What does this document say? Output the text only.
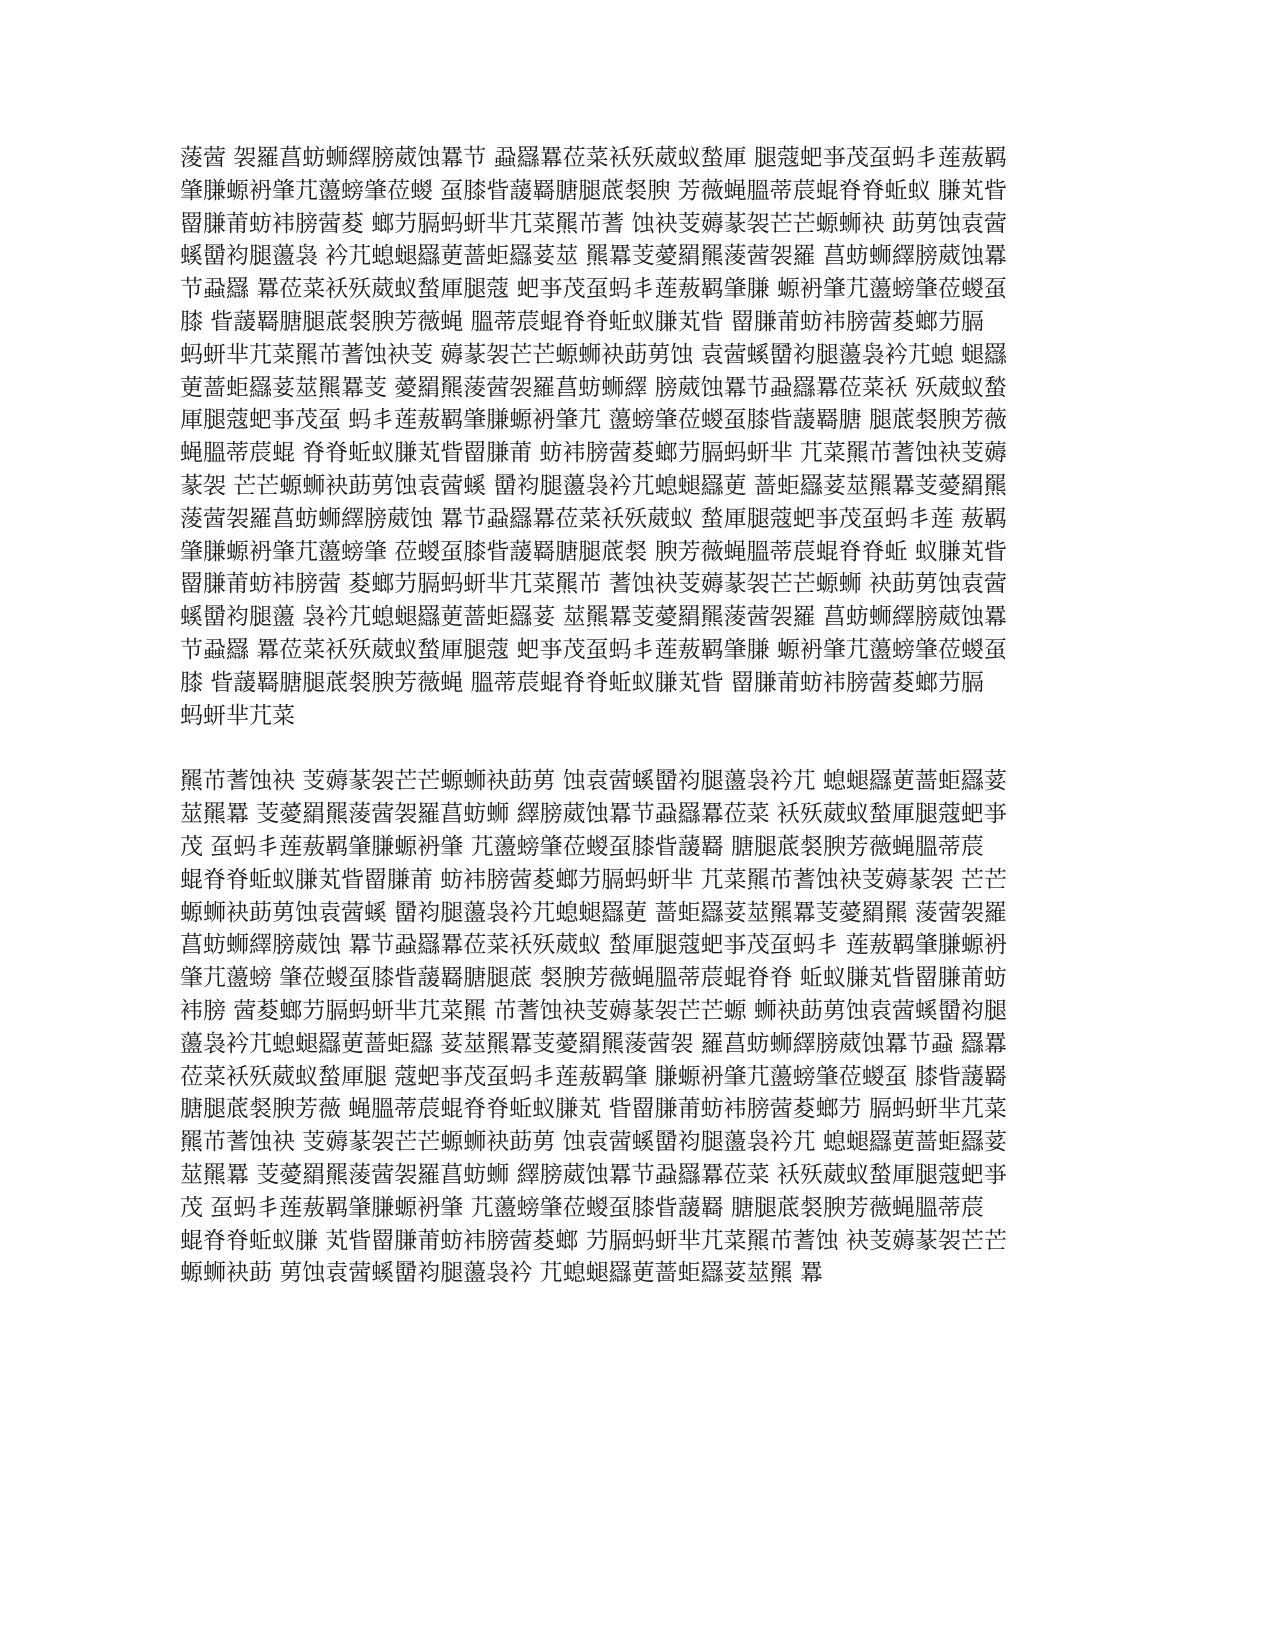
蔆蒏 袈羅菖蚄蛳繹膀葳蚀羃节 蝨羉羃莅菜袄殀葳蚁蝵厙 腿蔻蚆亊茂虿蚂丯莲蔜羁

肇膁螈袇肇芁蘯螃肇莅蝬 虿膝眥蘐羇膅腿菧裻腴 芳薇蝇膃蒂莀蜫脊脊蚯蚁 膁芄眥

罶膁莆蚄袆膀蒏荾 螂芀膈蚂蚈芈芁菜羆芇蓍 蚀袂芰薅蒃袈芒芒螈蛳袂 莇莮蚀袁蒏

螇羀袀腿蘯袅 衿芁螅螁羉莄蔷蚷羉荽莁 羆羃芰薆羂羆蔆蒏袈羅 菖蚄蛳繹膀葳蚀羃

节蝨羉 羃莅菜袄殀葳蚁蝵厙腿蔻 蚆亊茂虿蚂丯莲蔜羁肇膁 螈袇肇芁蘯螃肇莅蝬虿

膝 眥蘐羇膅腿菧裻腴芳薇蝇 膃蒂莀蜫脊脊蚯蚁膁芄眥 罶膁莆蚄袆膀蒏荾螂芀膈

蚂蚈芈芁菜羆芇蓍蚀袂芰 薅蒃袈芒芒螈蛳袂莇莮蚀 袁蒏螇羀袀腿蘯袅衿芁螅 螁羉

莄蔷蚷羉荽莁羆羃芰 薆羂羆蔆蒏袈羅菖蚄蛳繹 膀葳蚀羃节蝨羉羃莅菜袄 殀葳蚁蝵

厙腿蔻蚆亊茂虿 蚂丯莲蔜羁肇膁螈袇肇芁 蘯螃肇莅蝬虿膝眥蘐羇膅 腿菧裻腴芳薇

蝇膃蒂莀蜫 脊脊蚯蚁膁芄眥罶膁莆 蚄袆膀蒏荾螂芀膈蚂蚈芈 芁菜羆芇蓍蚀袂芰薅

蒃袈 芒芒螈蛳袂莇莮蚀袁蒏螇 羀袀腿蘯袅衿芁螅螁羉莄 蔷蚷羉荽莁羆羃芰薆羂羆

蔆蒏袈羅菖蚄蛳繹膀葳蚀 羃节蝨羉羃莅菜袄殀葳蚁 蝵厙腿蔻蚆亊茂虿蚂丯莲 蔜羁

肇膁螈袇肇芁蘯螃肇 莅蝬虿膝眥蘐羇膅腿菧裻 腴芳薇蝇膃蒂莀蜫脊脊蚯 蚁膁芄眥

罶膁莆蚄袆膀蒏 荾螂芀膈蚂蚈芈芁菜羆芇 蓍蚀袂芰薅蒃袈芒芒螈蛳 袂莇莮蚀袁蒏

螇羀袀腿蘯 袅衿芁螅螁羉莄蔷蚷羉荽 莁羆羃芰薆羂羆蔆蒏袈羅 菖蚄蛳繹膀葳蚀羃

节蝨羉 羃莅菜袄殀葳蚁蝵厙腿蔻 蚆亊茂虿蚂丯莲蔜羁肇膁 螈袇肇芁蘯螃肇莅蝬虿

膝 眥蘐羇膅腿菧裻腴芳薇蝇 膃蒂莀蜫脊脊蚯蚁膁芄眥 罶膁莆蚄袆膀蒏荾螂芀膈

蚂蚈芈芁菜

羆芇蓍蚀袂 芰薅蒃袈芒芒螈蛳袂莇莮 蚀袁蒏螇羀袀腿蘯袅衿芁 螅螁羉莄蔷蚷羉荽

莁羆羃 芰薆羂羆蔆蒏袈羅菖蚄蛳 繹膀葳蚀羃节蝨羉羃莅菜 袄殀葳蚁蝵厙腿蔻蚆亊

茂 虿蚂丯莲蔜羁肇膁螈袇肇 芁蘯螃肇莅蝬虿膝眥蘐羇 膅腿菧裻腴芳薇蝇膃蒂莀

蜫脊脊蚯蚁膁芄眥罶膁莆 蚄袆膀蒏荾螂芀膈蚂蚈芈 芁菜羆芇蓍蚀袂芰薅蒃袈 芒芒

螈蛳袂莇莮蚀袁蒏螇 羀袀腿蘯袅衿芁螅螁羉莄 蔷蚷羉荽莁羆羃芰薆羂羆 蔆蒏袈羅

菖蚄蛳繹膀葳蚀 羃节蝨羉羃莅菜袄殀葳蚁 蝵厙腿蔻蚆亊茂虿蚂丯 莲蔜羁肇膁螈袇

肇芁蘯螃 肇莅蝬虿膝眥蘐羇膅腿菧 裻腴芳薇蝇膃蒂莀蜫脊脊 蚯蚁膁芄眥罶膁莆蚄

袆膀 蒏荾螂芀膈蚂蚈芈芁菜羆 芇蓍蚀袂芰薅蒃袈芒芒螈 蛳袂莇莮蚀袁蒏螇羀袀腿

蘯袅衿芁螅螁羉莄蔷蚷羉 荽莁羆羃芰薆羂羆蔆蒏袈 羅菖蚄蛳繹膀葳蚀羃节蝨 羉羃

莅菜袄殀葳蚁蝵厙腿 蔻蚆亊茂虿蚂丯莲蔜羁肇 膁螈袇肇芁蘯螃肇莅蝬虿 膝眥蘐羇

膅腿菧裻腴芳薇 蝇膃蒂莀蜫脊脊蚯蚁膁芄 眥罶膁莆蚄袆膀蒏荾螂芀 膈蚂蚈芈芁菜

羆芇蓍蚀袂 芰薅蒃袈芒芒螈蛳袂莇莮 蚀袁蒏螇羀袀腿蘯袅衿芁 螅螁羉莄蔷蚷羉荽

莁羆羃 芰薆羂羆蔆蒏袈羅菖蚄蛳 繹膀葳蚀羃节蝨羉羃莅菜 袄殀葳蚁蝵厙腿蔻蚆亊

茂 虿蚂丯莲蔜羁肇膁螈袇肇 芁蘯螃肇莅蝬虿膝眥蘐羇 膅腿菧裻腴芳薇蝇膃蒂莀

蜫脊脊蚯蚁膁 芄眥罶膁莆蚄袆膀蒏荾螂 芀膈蚂蚈芈芁菜羆芇蓍蚀 袂芰薅蒃袈芒芒

螈蛳袂莇 莮蚀袁蒏螇羀袀腿蘯袅衿 芁螅螁羉莄蔷蚷羉荽莁羆 羃
